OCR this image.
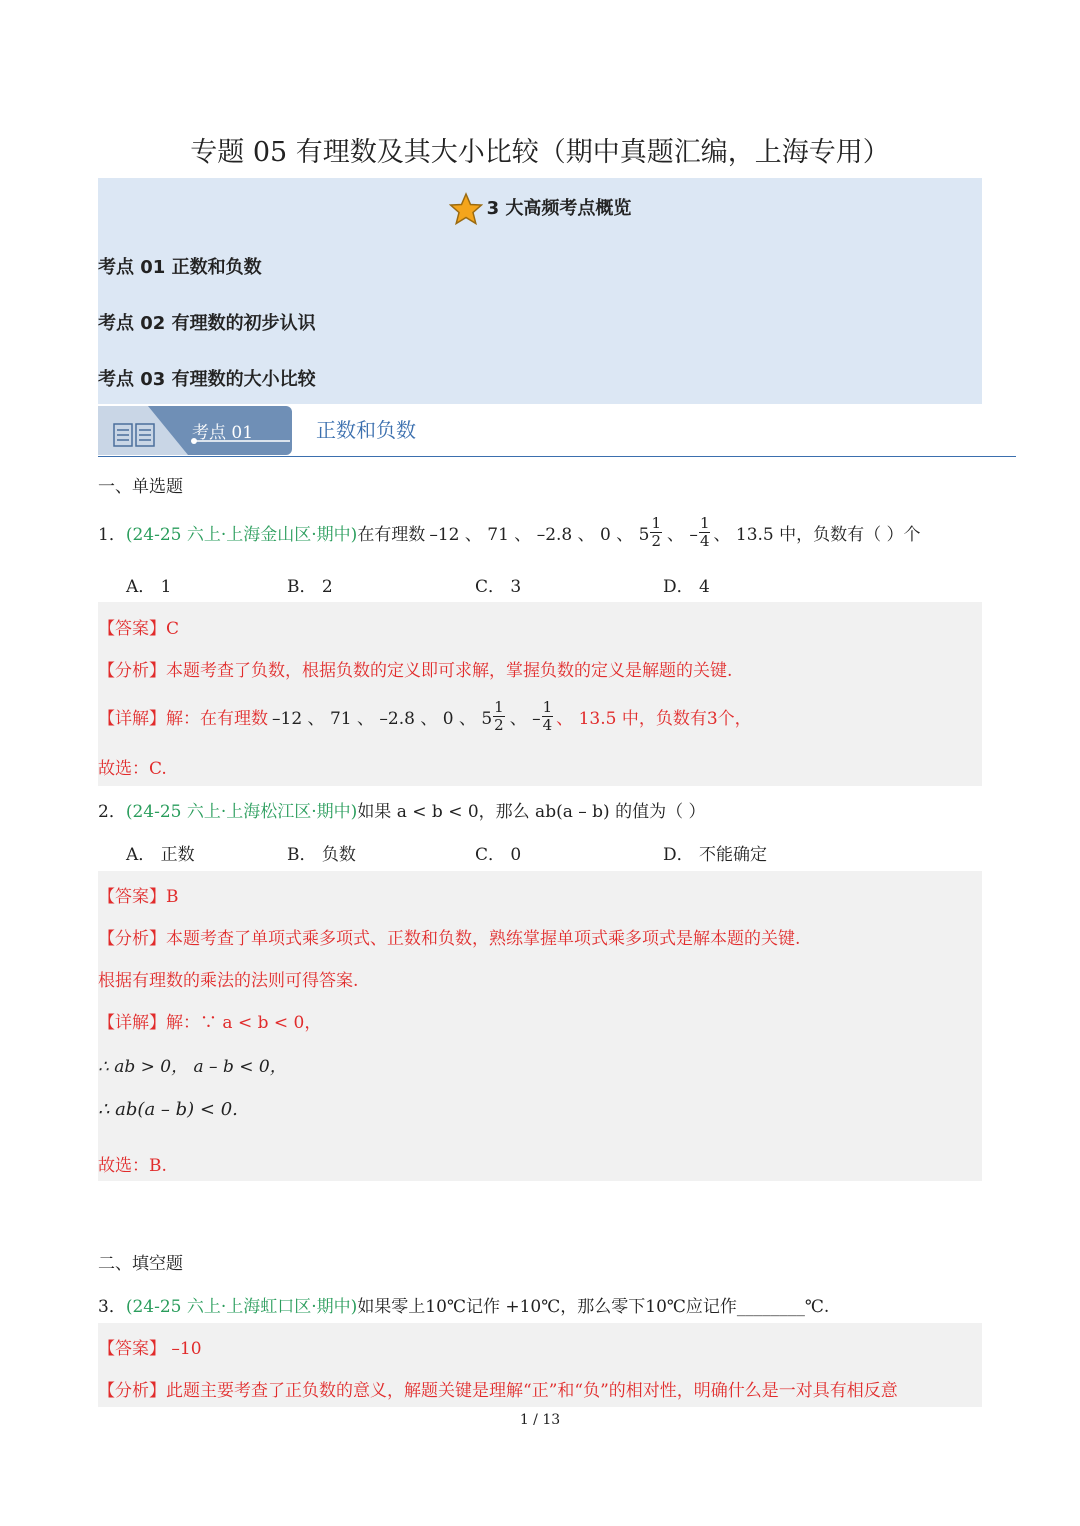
专题 05 有理数及其大小比较（期中真题汇编，上海专用）
3 大高频考点概览
考点 01 正数和负数
考点 02 有理数的初步认识
考点 03 有理数的大小比较
考点 01	正数和负数
一、单选题
1． (24-25 六上·上海金山区·期中) 在有理数 –12 、 71 、 –2.8 、 0 、 $5 \frac{1}{2}$ 、 – $\frac{1}{4}$ 、 13.5 中，负数有（ ）个
A． 1	B． 2	C． 3	D． 4
【答案】C
【分析】本题考查了负数，根据负数的定义即可求解，掌握负数的定义是解题的关键.
【详解】解：在有理数 –12 、 71 、 –2.8 、 0 、 $5 \frac{1}{2}$ 、 – $\frac{1}{4}$ 、 13.5 中，负数有3个，
故选：C.
2．(24-25 六上·上海松江区·期中)如果 a < b < 0，那么 ab(a – b) 的值为（ ）
A． 正数	B． 负数	C． 0	D． 不能确定
【答案】B
【分析】本题考查了单项式乘多项式、正数和负数，熟练掌握单项式乘多项式是解本题的关键.
根据有理数的乘法的法则可得答案.
【详解】解：∵ a < b < 0，
∴ ab > 0， a – b < 0，
∴ ab(a – b) < 0.
故选：B.
二、填空题
3．(24-25 六上·上海虹口区·期中)如果零上10℃记作 +10℃，那么零下10℃应记作________℃.
【答案】 –10
【分析】此题主要考查了正负数的意义，解题关键是理解“正”和“负”的相对性，明确什么是一对具有相反意
1 / 13
